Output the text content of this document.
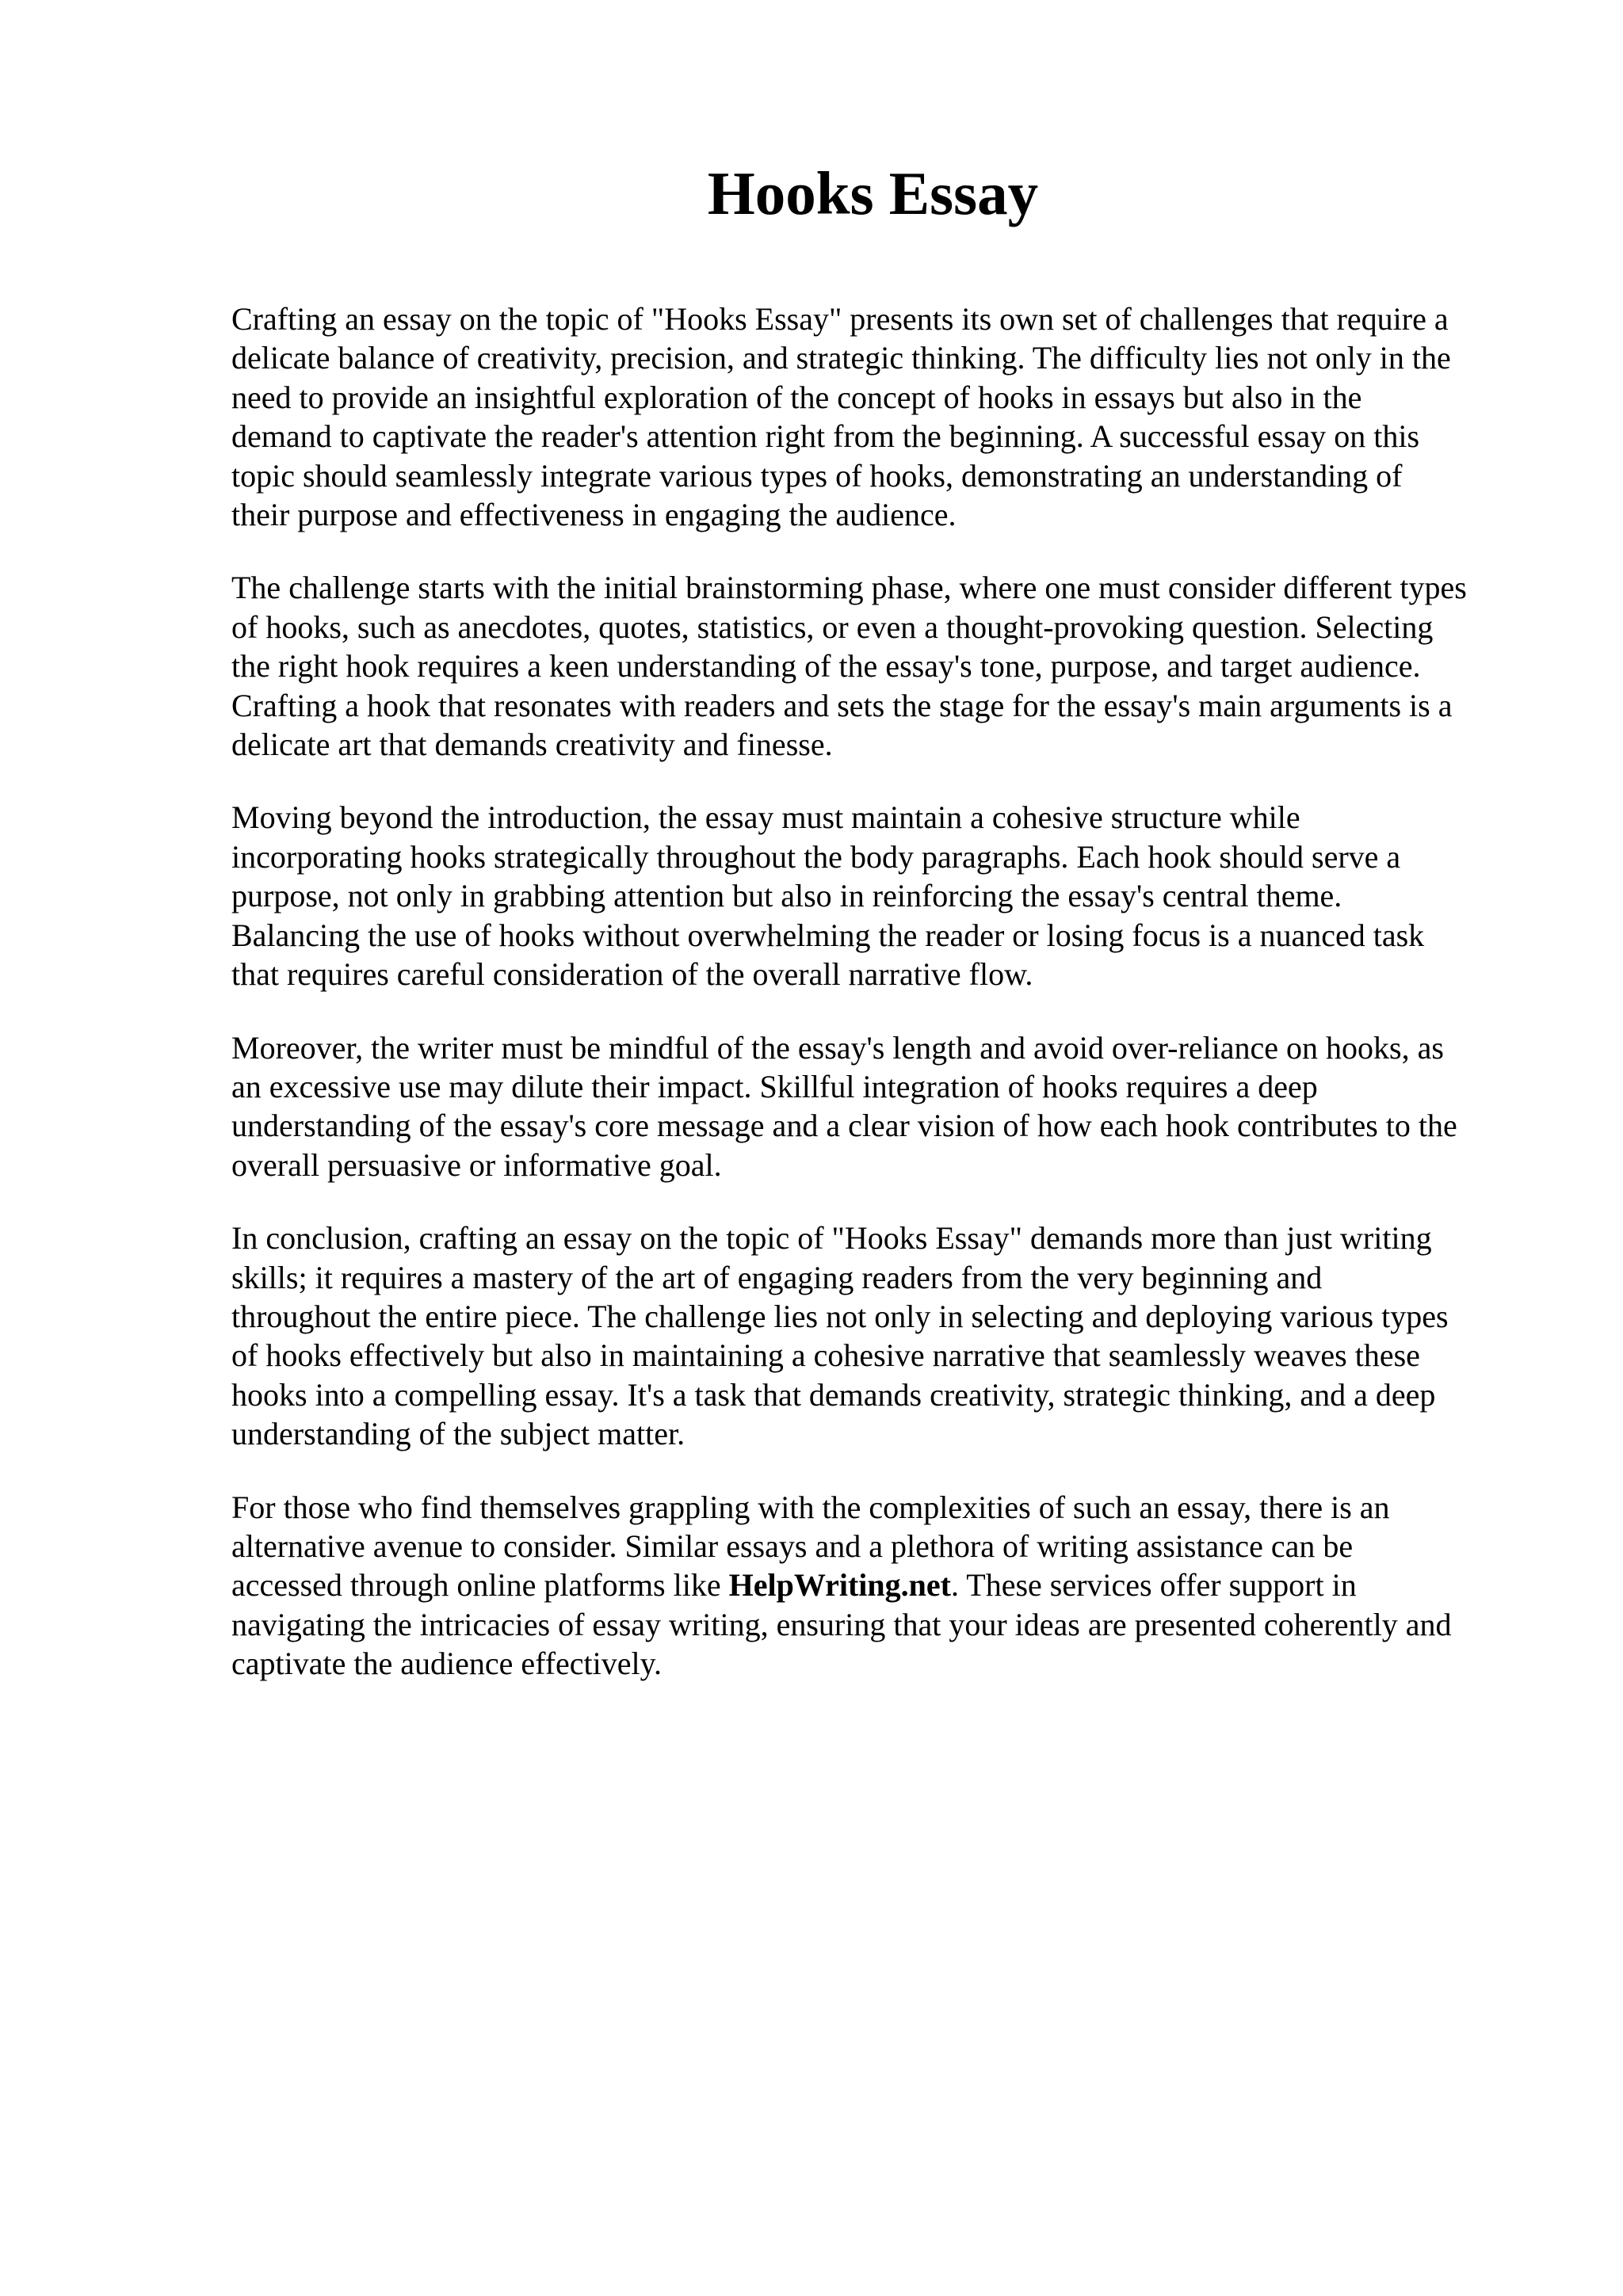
Hooks Essay

Crafting an essay on the topic of "Hooks Essay" presents its own set of challenges that require a
delicate balance of creativity, precision, and strategic thinking. The difficulty lies not only in the
need to provide an insightful exploration of the concept of hooks in essays but also in the
demand to captivate the reader's attention right from the beginning. A successful essay on this
topic should seamlessly integrate various types of hooks, demonstrating an understanding of
their purpose and effectiveness in engaging the audience.

The challenge starts with the initial brainstorming phase, where one must consider different types
of hooks, such as anecdotes, quotes, statistics, or even a thought-provoking question. Selecting
the right hook requires a keen understanding of the essay's tone, purpose, and target audience.
Crafting a hook that resonates with readers and sets the stage for the essay's main arguments is a
delicate art that demands creativity and finesse.

Moving beyond the introduction, the essay must maintain a cohesive structure while
incorporating hooks strategically throughout the body paragraphs. Each hook should serve a
purpose, not only in grabbing attention but also in reinforcing the essay's central theme.
Balancing the use of hooks without overwhelming the reader or losing focus is a nuanced task
that requires careful consideration of the overall narrative flow.

Moreover, the writer must be mindful of the essay's length and avoid over-reliance on hooks, as
an excessive use may dilute their impact. Skillful integration of hooks requires a deep
understanding of the essay's core message and a clear vision of how each hook contributes to the
overall persuasive or informative goal.

In conclusion, crafting an essay on the topic of "Hooks Essay" demands more than just writing
skills; it requires a mastery of the art of engaging readers from the very beginning and
throughout the entire piece. The challenge lies not only in selecting and deploying various types
of hooks effectively but also in maintaining a cohesive narrative that seamlessly weaves these
hooks into a compelling essay. It's a task that demands creativity, strategic thinking, and a deep
understanding of the subject matter.

For those who find themselves grappling with the complexities of such an essay, there is an
alternative avenue to consider. Similar essays and a plethora of writing assistance can be
accessed through online platforms like HelpWriting.net. These services offer support in
navigating the intricacies of essay writing, ensuring that your ideas are presented coherently and
captivate the audience effectively.
